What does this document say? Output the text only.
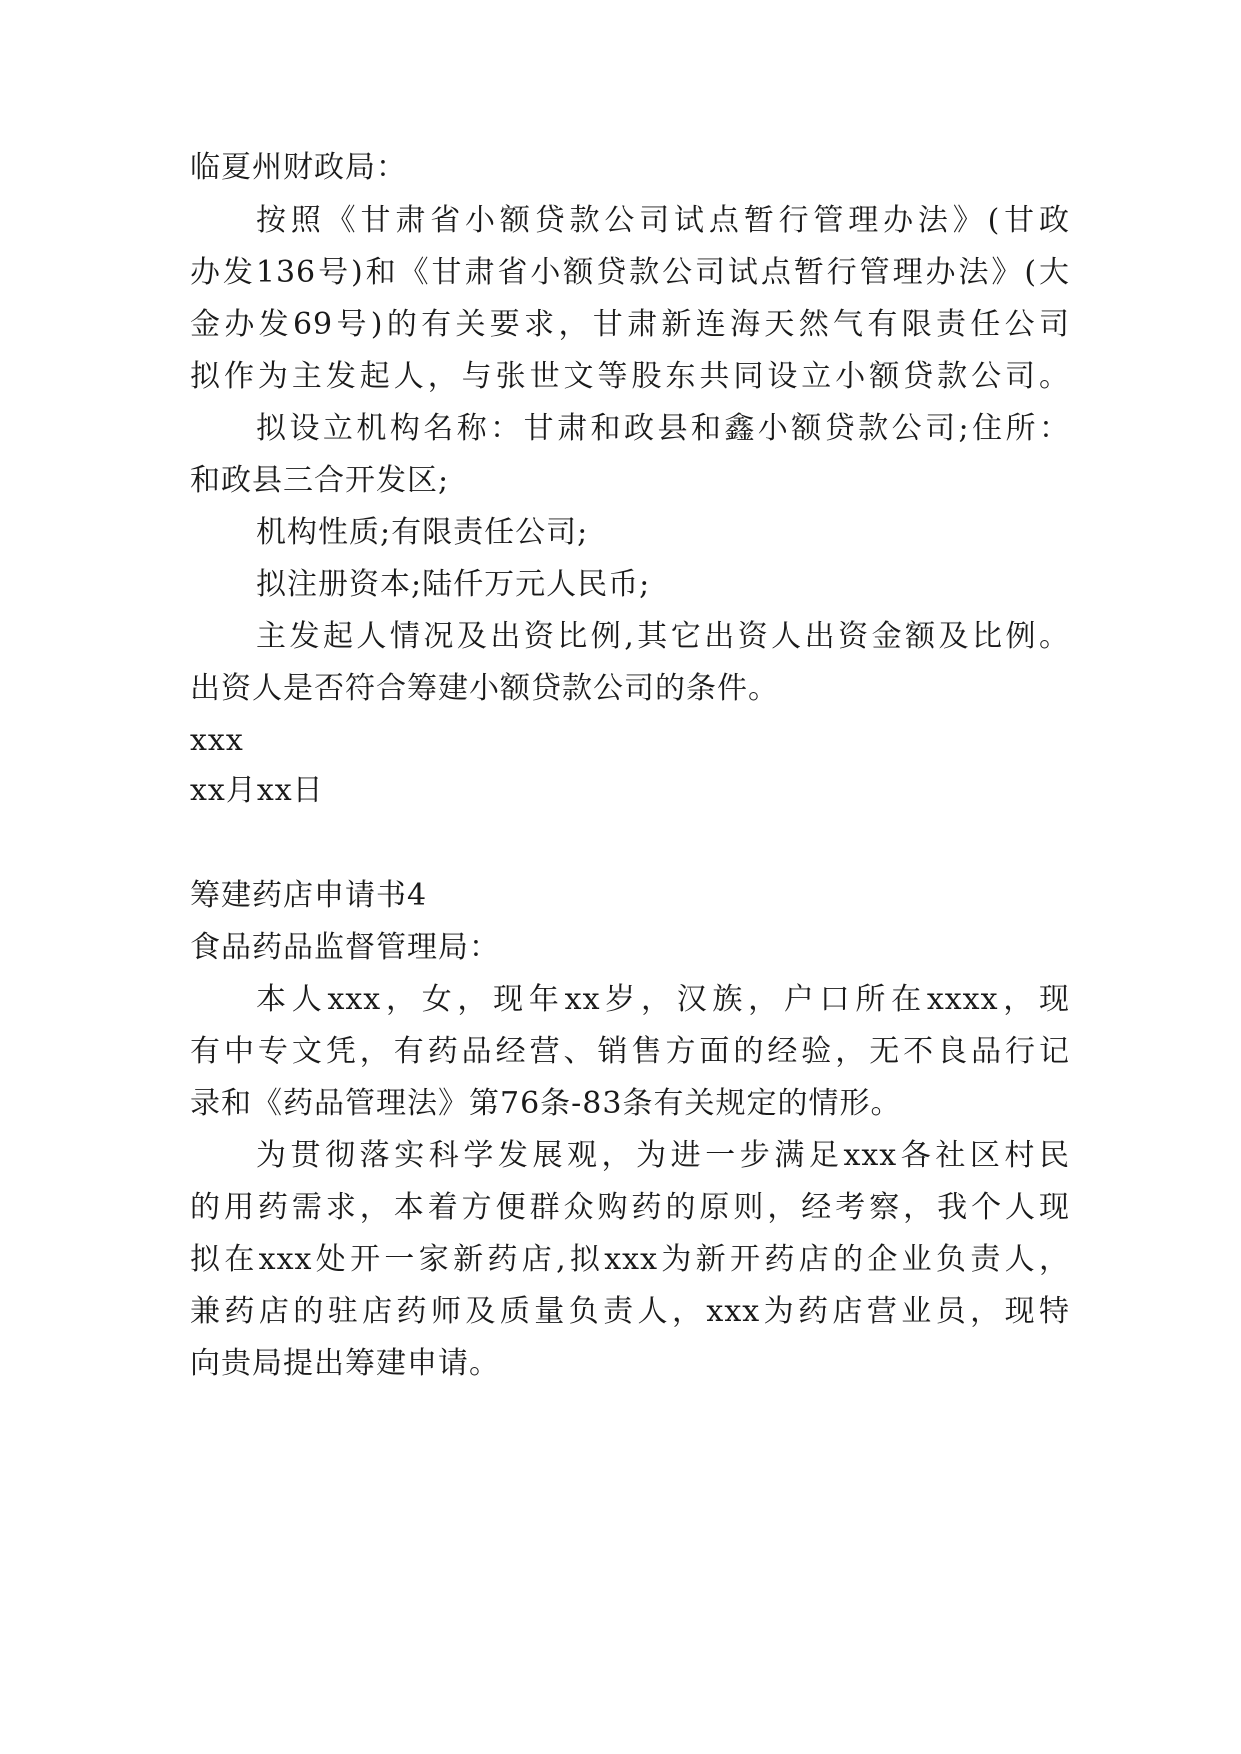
临夏州财政局：
按照《甘肃省小额贷款公司试点暂行管理办法》(甘政
办发136号)和《甘肃省小额贷款公司试点暂行管理办法》(大
金办发69号)的有关要求，甘肃新连海天然气有限责任公司
拟作为主发起人，与张世文等股东共同设立小额贷款公司。
拟设立机构名称：甘肃和政县和鑫小额贷款公司;住所：
和政县三合开发区;
机构性质;有限责任公司;
拟注册资本;陆仟万元人民币;
主发起人情况及出资比例,其它出资人出资金额及比例。
出资人是否符合筹建小额贷款公司的条件。
xxx
xx月xx日
筹建药店申请书4
食品药品监督管理局：
本人xxx，女，现年xx岁，汉族，户口所在xxxx，现
有中专文凭，有药品经营、销售方面的经验，无不良品行记
录和《药品管理法》第76条-83条有关规定的情形。
为贯彻落实科学发展观，为进一步满足xxx各社区村民
的用药需求，本着方便群众购药的原则，经考察，我个人现
拟在xxx处开一家新药店,拟xxx为新开药店的企业负责人，
兼药店的驻店药师及质量负责人，xxx为药店营业员，现特
向贵局提出筹建申请。
